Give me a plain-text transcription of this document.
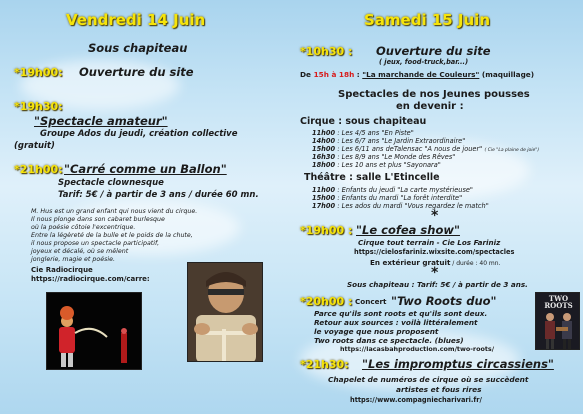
Vendredi 14 Juin
Sous chapiteau
*19h00: Ouverture du site
*19h30:
"Spectacle amateur"
Groupe Ados du jeudi, création collective
(gratuit)
*21h00: "Carré comme un Ballon"
Spectacle clownesque
Tarif: 5€ / à partir de 3 ans / durée 60 mn.
M. Hus est un grand enfant qui nous vient du cirque.
Il nous plonge dans son cabaret burlesque
où la poésie côtoie l'excentrique.
Entre la légèreté de la bulle et le poids de la chute,
il nous propose un spectacle participatif,
joyeux et décalé, où se mêlent
jonglerie, magie et poésie.
Cie Radiocirque
https://radiocirque.com/carre:
Samedi 15 Juin
*10h30 : Ouverture du site
( jeux, food-truck,bar...)
De 15h à 18h : "La marchande de Couleurs" (maquillage)
Spectacles de nos Jeunes pousses
en devenir :
Cirque : sous chapiteau
11h00 : Les 4/5 ans "En Piste"
14h00 : Les 6/7 ans "Le Jardin Extraordinaire"
15h00 : Les 6/11 ans deTalensac "A nous de jouer" ( Cie "La plaine de joie")
16h30 : Les 8/9 ans "Le Monde des Rêves"
18h00 : Les 10 ans et plus "Sayonara"
Théâtre : salle L'Etincelle
11h00 : Enfants du jeudi "La carte mystérieuse"
15h00 : Enfants du mardi "La forêt interdite"
17h00 : Les ados du mardi "Vous regardez le match"
*
*19h00 : "Le cofea show"
Cirque tout terrain - Cie Los Fariniz
https://cielosfariniz.wixsite.com/spectacles
En extérieur gratuit / durée : 40 mn.
*
Sous chapiteau : Tarif: 5€ / à partir de 3 ans.
*20h00 : Concert "Two Roots duo"
Parce qu'ils sont roots et qu'ils sont deux.
Retour aux sources : voilà littéralement
le voyage que nous proposent
Two roots dans ce spectacle. (blues)
https://lacasbahproduction.com/two-roots/
TWO
ROOTS
*21h30: "Les impromptus circassiens"
Chapelet de numéros de cirque où se succèdent
artistes et fous rires
https://www.compagniecharivari.fr/
